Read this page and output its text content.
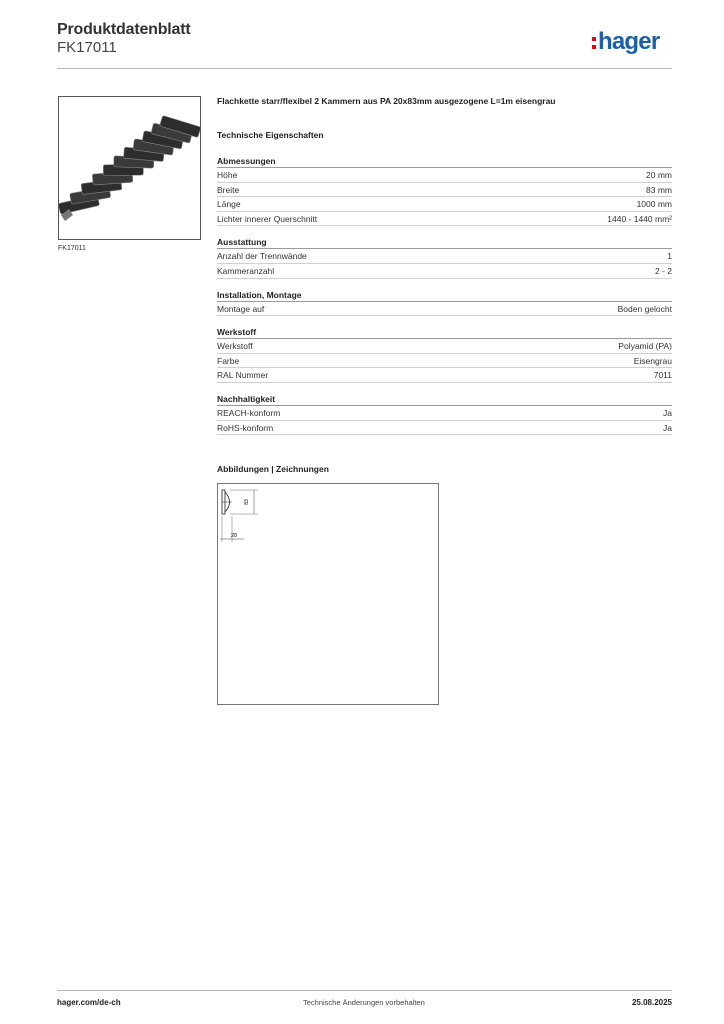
Produktdatenblatt
FK17011	hager
FK17011
Flachkette starr/flexibel 2 Kammern aus PA 20x83mm ausgezogene L=1m eisengrau
Technische Eigenschaften
Abmessungen
Höhe	20 mm
Breite	83 mm
Länge	1000 mm
Lichter innerer Querschnitt	1440 - 1440 mm²
Ausstattung
Anzahl der Trennwände	1
Kammeranzahl	2 - 2
Installation, Montage
Montage auf	Boden gelocht
Werkstoff
Werkstoff	Polyamid (PA)
Farbe	Eisengrau
RAL Nummer	7011
Nachhaltigkeit
REACH-konform	Ja
RoHS-konform	Ja
Abbildungen | Zeichnungen
83
20
hager.com/de-ch	Technische Änderungen vorbehalten	25.08.2025
